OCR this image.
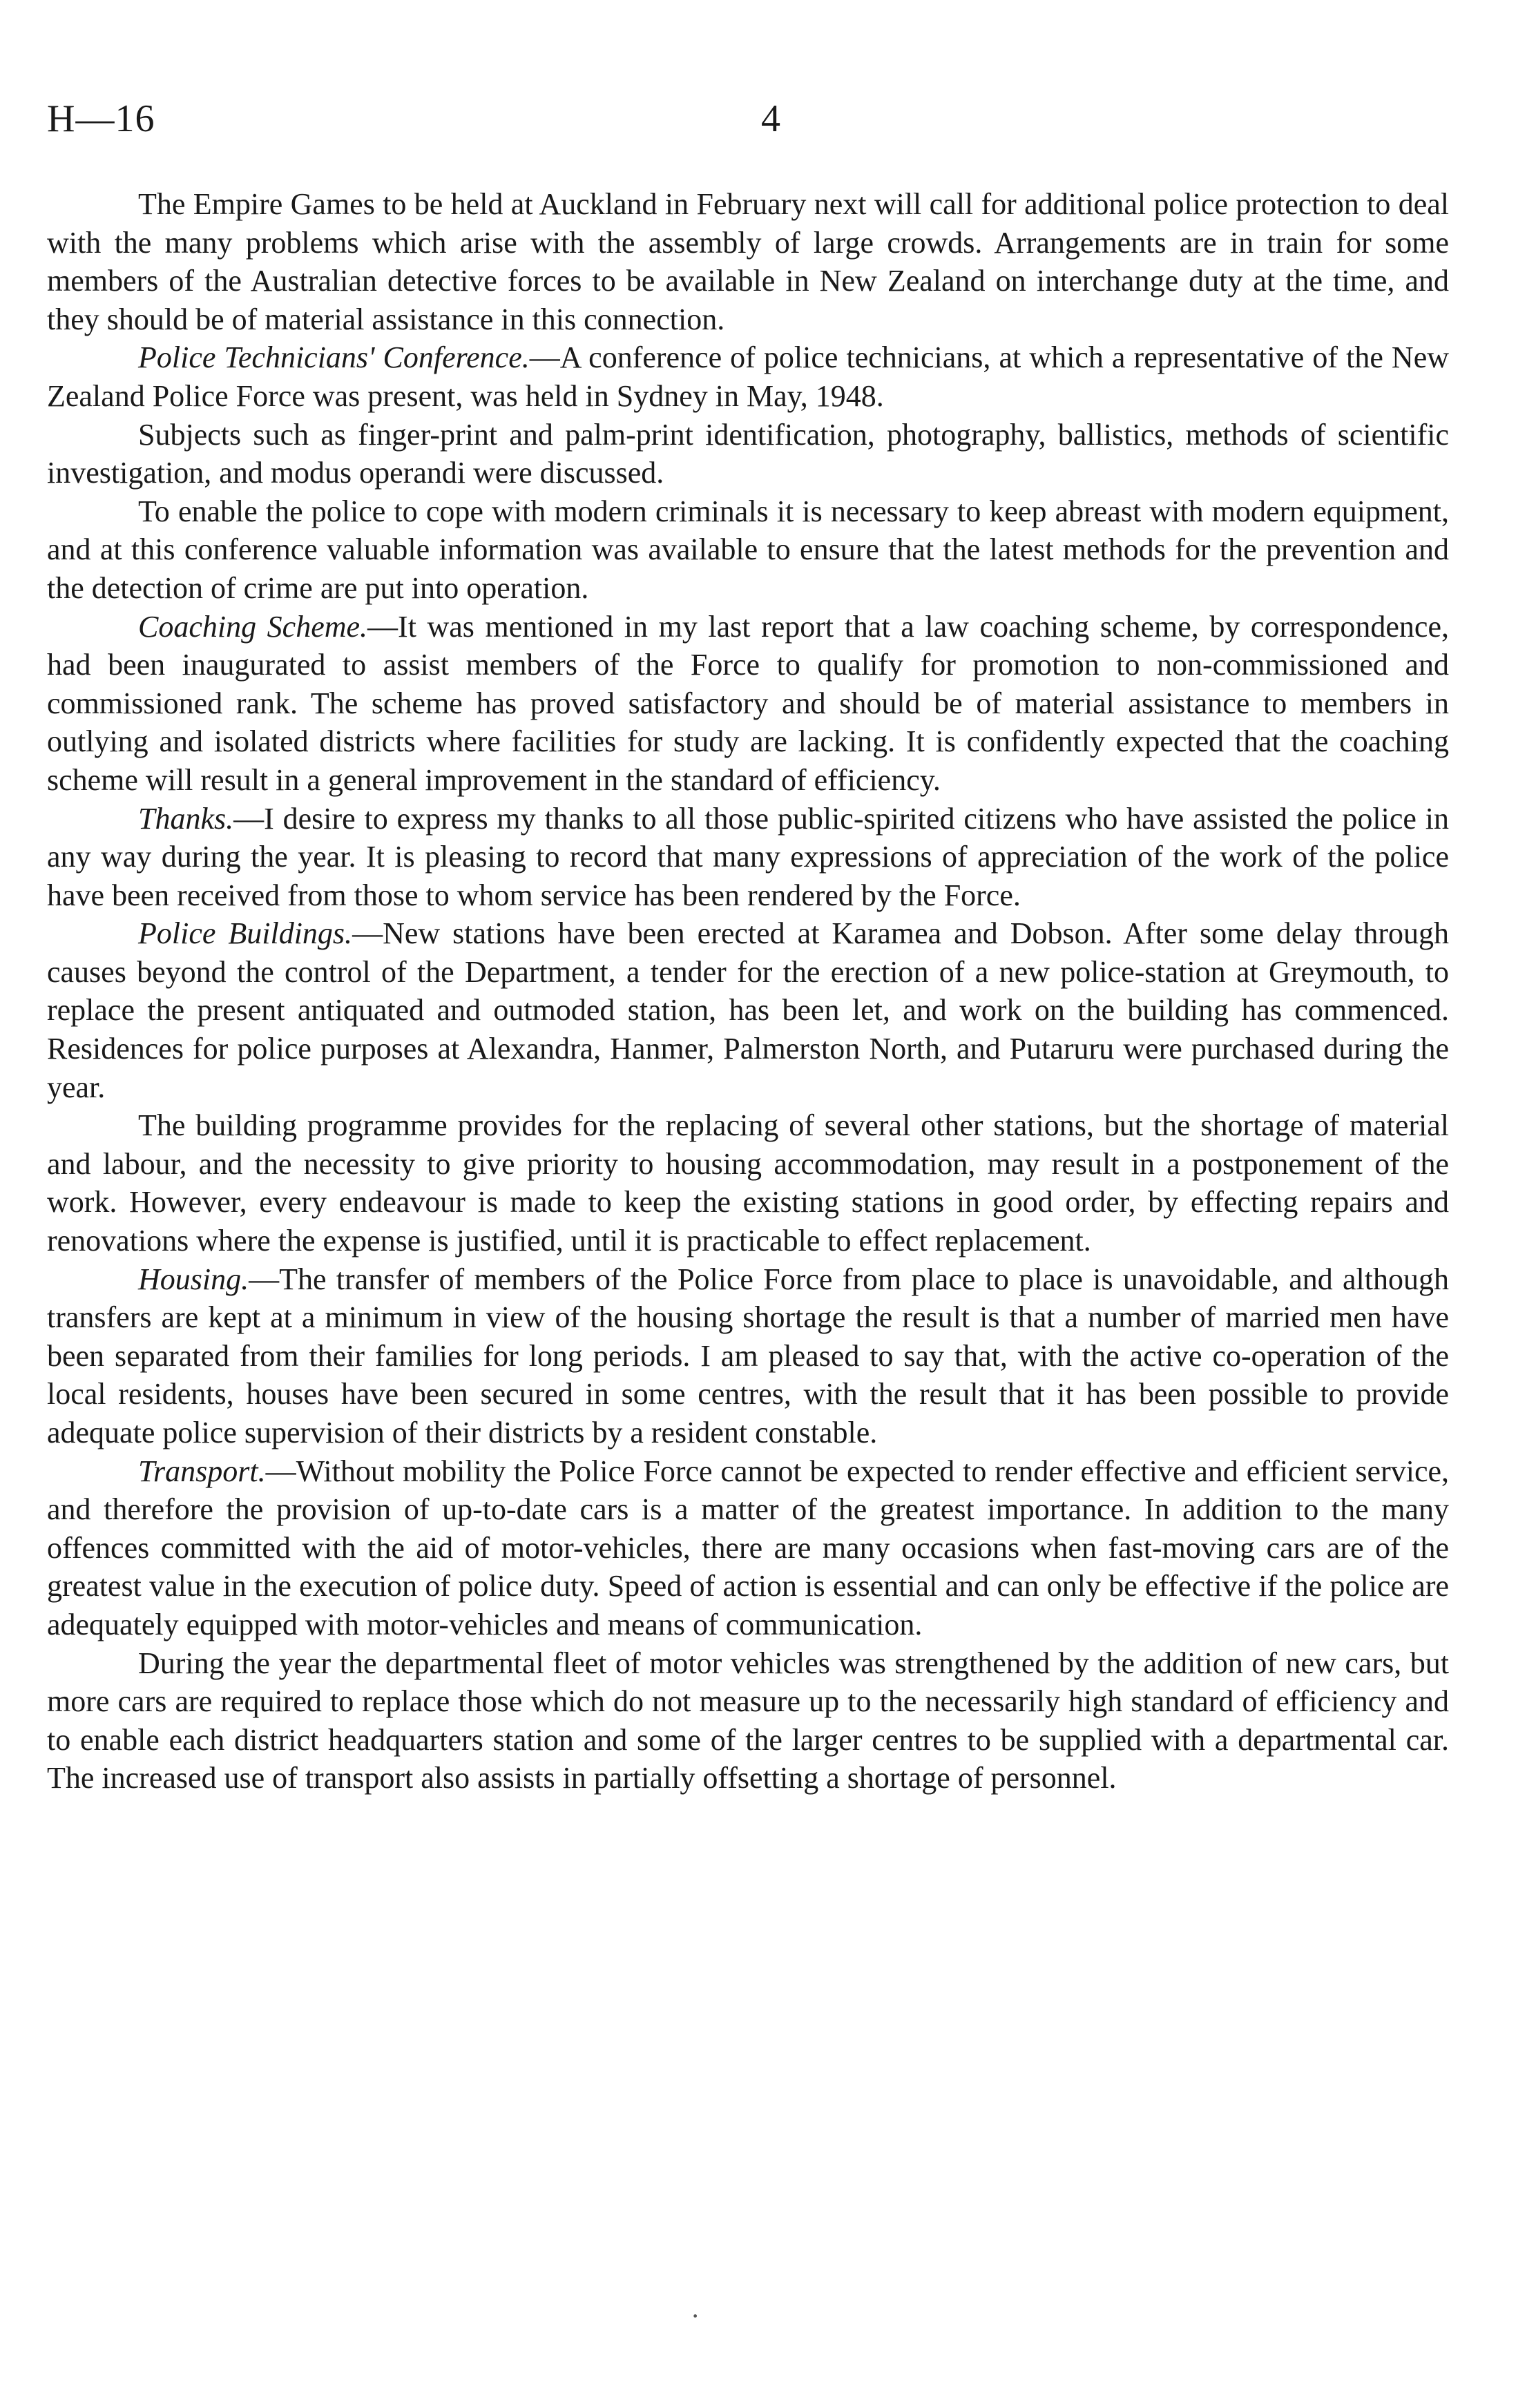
H—16	4

The Empire Games to be held at Auckland in February next will call for additional police protection to deal with the many problems which arise with the assembly of large crowds. Arrangements are in train for some members of the Australian detective forces to be available in New Zealand on interchange duty at the time, and they should be of material assistance in this connection.

Police Technicians' Conference.—A conference of police technicians, at which a representative of the New Zealand Police Force was present, was held in Sydney in May, 1948.

Subjects such as finger-print and palm-print identification, photography, ballistics, methods of scientific investigation, and modus operandi were discussed.

To enable the police to cope with modern criminals it is necessary to keep abreast with modern equipment, and at this conference valuable information was available to ensure that the latest methods for the prevention and the detection of crime are put into operation.

Coaching Scheme.—It was mentioned in my last report that a law coaching scheme, by correspondence, had been inaugurated to assist members of the Force to qualify for promotion to non-commissioned and commissioned rank. The scheme has proved satisfactory and should be of material assistance to members in outlying and isolated districts where facilities for study are lacking. It is confidently expected that the coaching scheme will result in a general improvement in the standard of efficiency.

Thanks.—I desire to express my thanks to all those public-spirited citizens who have assisted the police in any way during the year. It is pleasing to record that many expressions of appreciation of the work of the police have been received from those to whom service has been rendered by the Force.

Police Buildings.—New stations have been erected at Karamea and Dobson. After some delay through causes beyond the control of the Department, a tender for the erection of a new police-station at Greymouth, to replace the present antiquated and outmoded station, has been let, and work on the building has commenced. Residences for police purposes at Alexandra, Hanmer, Palmerston North, and Putaruru were purchased during the year.

The building programme provides for the replacing of several other stations, but the shortage of material and labour, and the necessity to give priority to housing accommodation, may result in a postponement of the work. However, every endeavour is made to keep the existing stations in good order, by effecting repairs and renovations where the expense is justified, until it is practicable to effect replacement.

Housing.—The transfer of members of the Police Force from place to place is unavoidable, and although transfers are kept at a minimum in view of the housing shortage the result is that a number of married men have been separated from their families for long periods. I am pleased to say that, with the active co-operation of the local residents, houses have been secured in some centres, with the result that it has been possible to provide adequate police supervision of their districts by a resident constable.

Transport.—Without mobility the Police Force cannot be expected to render effective and efficient service, and therefore the provision of up-to-date cars is a matter of the greatest importance. In addition to the many offences committed with the aid of motor-vehicles, there are many occasions when fast-moving cars are of the greatest value in the execution of police duty. Speed of action is essential and can only be effective if the police are adequately equipped with motor-vehicles and means of communication.

During the year the departmental fleet of motor vehicles was strengthened by the addition of new cars, but more cars are required to replace those which do not measure up to the necessarily high standard of efficiency and to enable each district headquarters station and some of the larger centres to be supplied with a departmental car. The increased use of transport also assists in partially offsetting a shortage of personnel.

·
